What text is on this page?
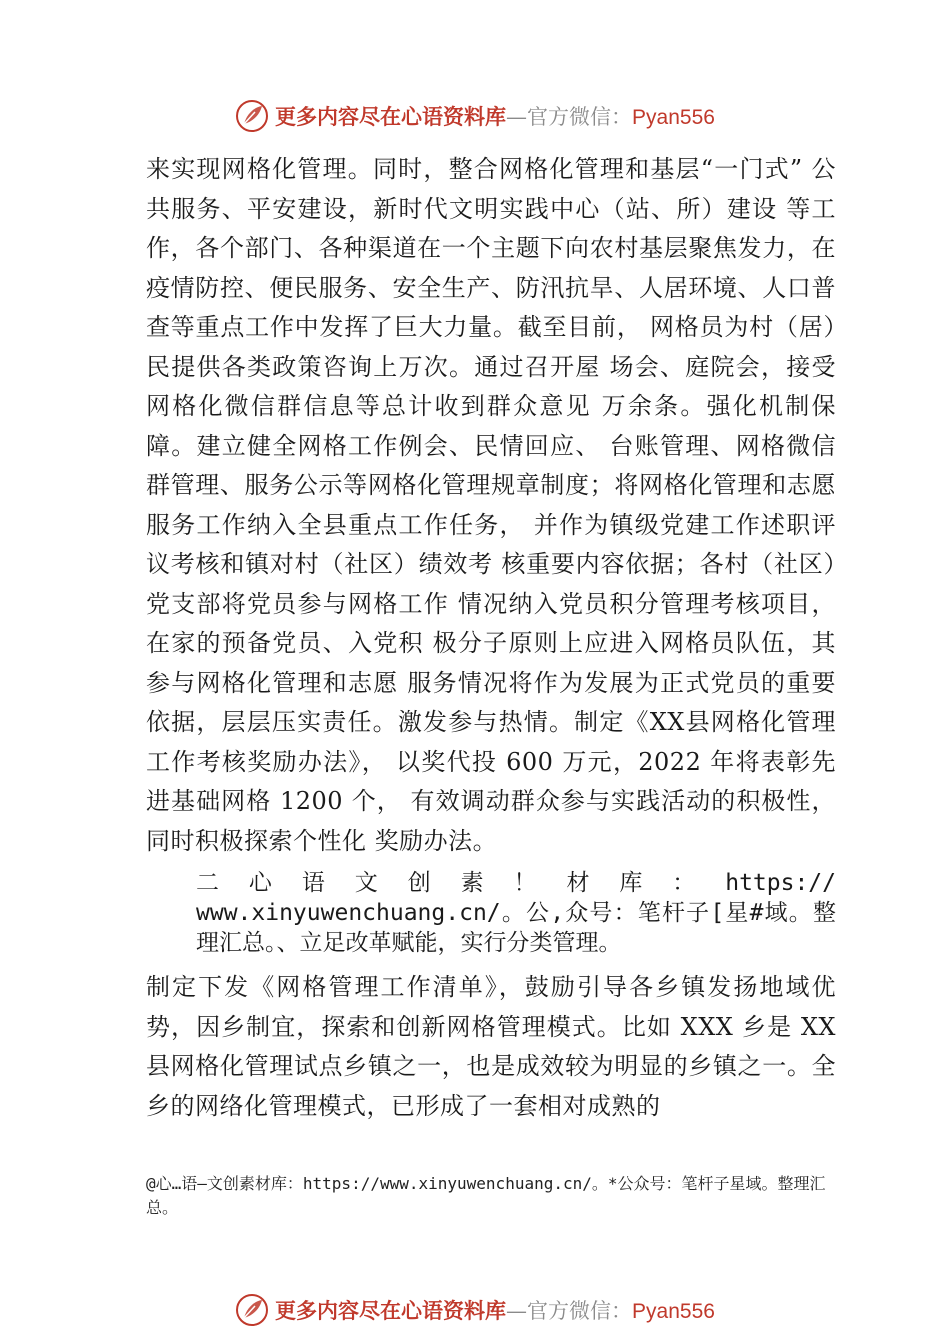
更多内容尽在心语资料库—官方微信：Pyan556

来实现网格化管理。同时，整合网格化管理和基层“一门式” 公共服务、平安建设，新时代文明实践中心（站、所）建设 等工作，各个部门、各种渠道在一个主题下向农村基层聚焦发力，在疫情防控、便民服务、安全生产、防汛抗旱、人居环境、人口普查等重点工作中发挥了巨大力量。截至目前， 网格员为村（居）民提供各类政策咨询上万次。通过召开屋 场会、庭院会，接受网格化微信群信息等总计收到群众意见 万余条。强化机制保障。建立健全网格工作例会、民情回应、 台账管理、网格微信群管理、服务公示等网格化管理规章制度；将网格化管理和志愿服务工作纳入全县重点工作任务， 并作为镇级党建工作述职评议考核和镇对村（社区）绩效考 核重要内容依据；各村（社区）党支部将党员参与网格工作 情况纳入党员积分管理考核项目，在家的预备党员、入党积 极分子原则上应进入网格员队伍，其参与网格化管理和志愿 服务情况将作为发展为正式党员的重要依据，层层压实责任。激发参与热情。制定《XX县网格化管理工作考核奖励办法》， 以奖代投 600 万元，2022 年将表彰先进基础网格 1200 个， 有效调动群众参与实践活动的积极性，同时积极探索个性化 奖励办法。

二心语文创素！材库：https:// www.xinyuwenchuang.cn/。公,众号：笔杆子[星#域。整理汇总。、立足改革赋能，实行分类管理。

制定下发《网格管理工作清单》，鼓励引导各乡镇发扬地域优势，因乡制宜，探索和创新网格管理模式。比如 XXX 乡是 XX 县网格化管理试点乡镇之一，也是成效较为明显的乡镇之一。全乡的网络化管理模式，已形成了一套相对成熟的

@心…语—文创素材库：https://www.xinyuwenchuang.cn/。*公众号：笔杆子星域。整理汇总。
更多内容尽在心语资料库—官方微信：Pyan556
